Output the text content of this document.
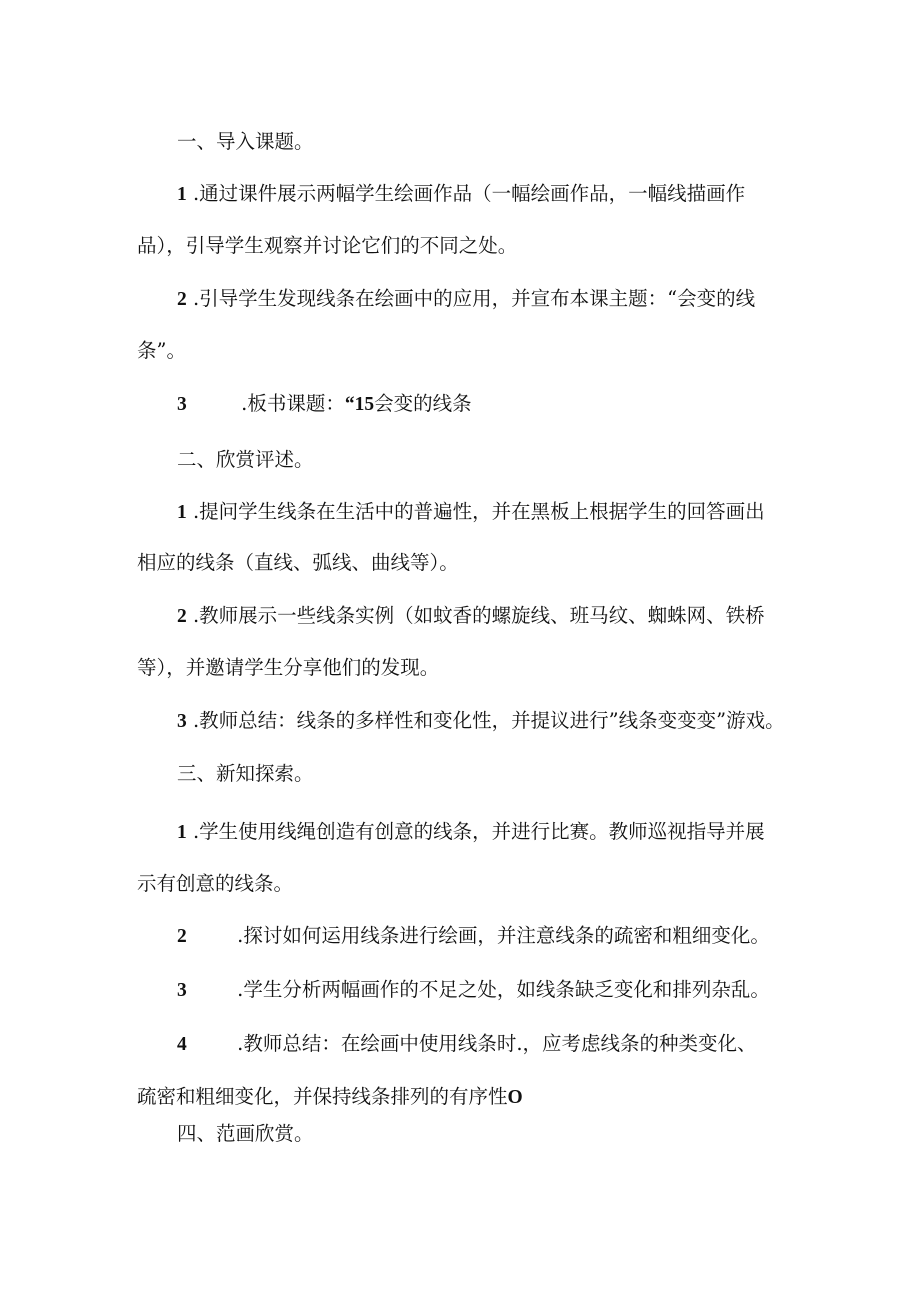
一、导入课题。
1 .通过课件展示两幅学生绘画作品（一幅绘画作品，一幅线描画作
品），引导学生观察并讨论它们的不同之处。
2 .引导学生发现线条在绘画中的应用，并宣布本课主题：“会变的线
条”。
3	.板书课题：“15会变的线条
二、欣赏评述。
1 .提问学生线条在生活中的普遍性，并在黑板上根据学生的回答画出
相应的线条（直线、弧线、曲线等）。
2 .教师展示一些线条实例（如蚊香的螺旋线、班马纹、蜘蛛网、铁桥
等），并邀请学生分享他们的发现。
3 .教师总结：线条的多样性和变化性，并提议进行”线条变变变”游戏。
三、新知探索。
1 .学生使用线绳创造有创意的线条，并进行比赛。教师巡视指导并展
示有创意的线条。
2	.探讨如何运用线条进行绘画，并注意线条的疏密和粗细变化。
3	.学生分析两幅画作的不足之处，如线条缺乏变化和排列杂乱。
4	.教师总结：在绘画中使用线条时.，应考虑线条的种类变化、
疏密和粗细变化，并保持线条排列的有序性O
四、范画欣赏。
